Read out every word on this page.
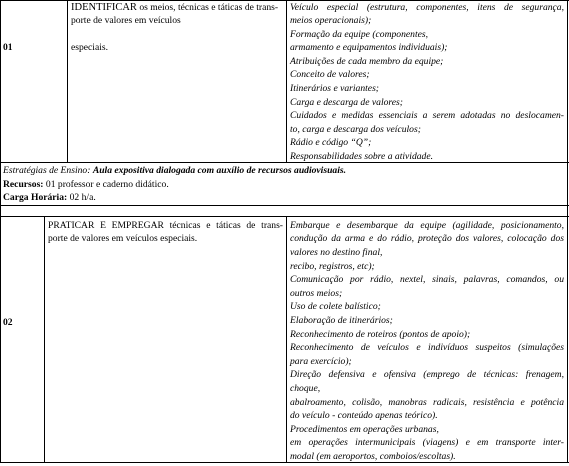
01
IDENTIFICAR os meios, técnicas e táticas de trans-
porte de valores em veículos
especiais.
Veículo especial (estrutura, componentes, itens de segurança,
meios operacionais);
Formação da equipe (componentes,
armamento e equipamentos individuais);
Atribuições de cada membro da equipe;
Conceito de valores;
Itinerários e variantes;
Carga e descarga de valores;
Cuidados e medidas essenciais a serem adotadas no deslocamen-
to, carga e descarga dos veículos;
Rádio e código “Q”;
Responsabilidades sobre a atividade.
Estratégias de Ensino: Aula expositiva dialogada com auxílio de recursos audiovisuais.
Recursos: 01 professor e caderno didático.
Carga Horária: 02 h/a.
02
PRATICAR E EMPREGAR técnicas e táticas de trans-
porte de valores em veículos especiais.
Embarque e desembarque da equipe (agilidade, posicionamento,
condução da arma e do rádio, proteção dos valores, colocação dos
valores no destino final,
recibo, registros, etc);
Comunicação por rádio, nextel, sinais, palavras, comandos, ou
outros meios;
Uso de colete balístico;
Elaboração de itinerários;
Reconhecimento de roteiros (pontos de apoio);
Reconhecimento de veículos e indivíduos suspeitos (simulações
para exercício);
Direção defensiva e ofensiva (emprego de técnicas: frenagem,
choque,
abalroamento, colisão, manobras radicais, resistência e potência
do veículo - conteúdo apenas teórico).
Procedimentos em operações urbanas,
em operações intermunicipais (viagens) e em transporte inter-
modal (em aeroportos, comboios/escoltas).
